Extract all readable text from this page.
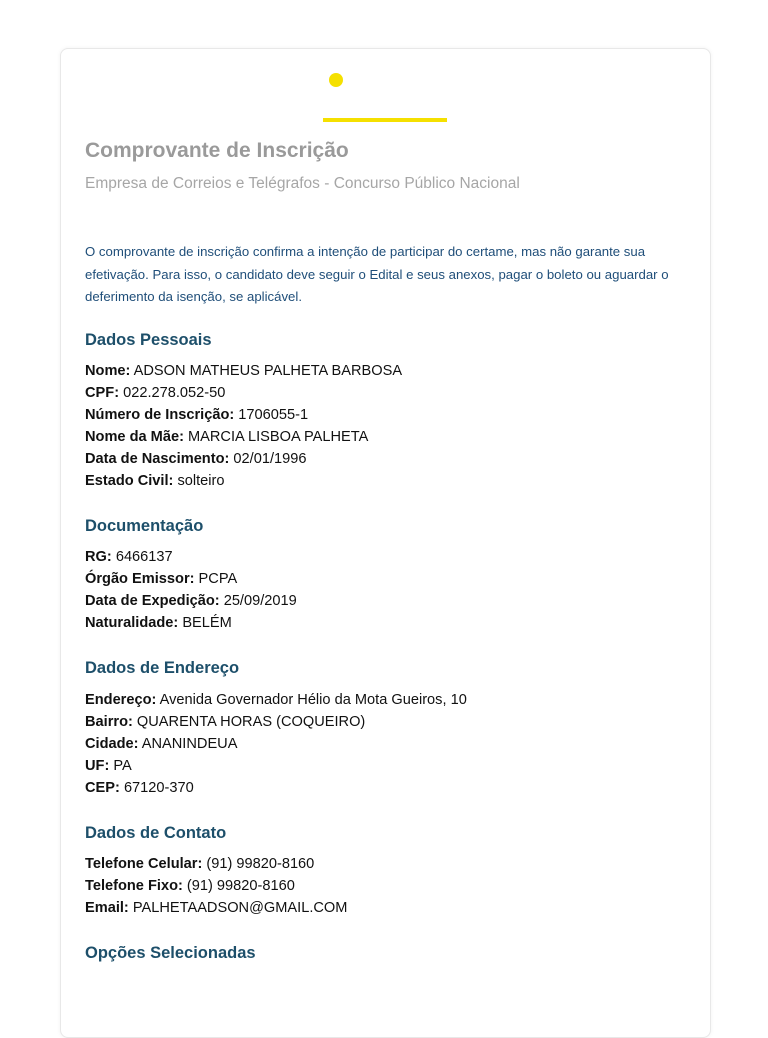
Comprovante de Inscrição
Empresa de Correios e Telégrafos - Concurso Público Nacional

O comprovante de inscrição confirma a intenção de participar do certame, mas não garante sua efetivação. Para isso, o candidato deve seguir o Edital e seus anexos, pagar o boleto ou aguardar o deferimento da isenção, se aplicável.

Dados Pessoais
Nome: ADSON MATHEUS PALHETA BARBOSA
CPF: 022.278.052-50
Número de Inscrição: 1706055-1
Nome da Mãe: MARCIA LISBOA PALHETA
Data de Nascimento: 02/01/1996
Estado Civil: solteiro
Documentação
RG: 6466137
Órgão Emissor: PCPA
Data de Expedição: 25/09/2019
Naturalidade: BELÉM
Dados de Endereço
Endereço: Avenida Governador Hélio da Mota Gueiros, 10
Bairro: QUARENTA HORAS (COQUEIRO)
Cidade: ANANINDEUA
UF: PA
CEP: 67120-370
Dados de Contato
Telefone Celular: (91) 99820-8160
Telefone Fixo: (91) 99820-8160
Email: PALHETAADSON@GMAIL.COM
Opções Selecionadas
